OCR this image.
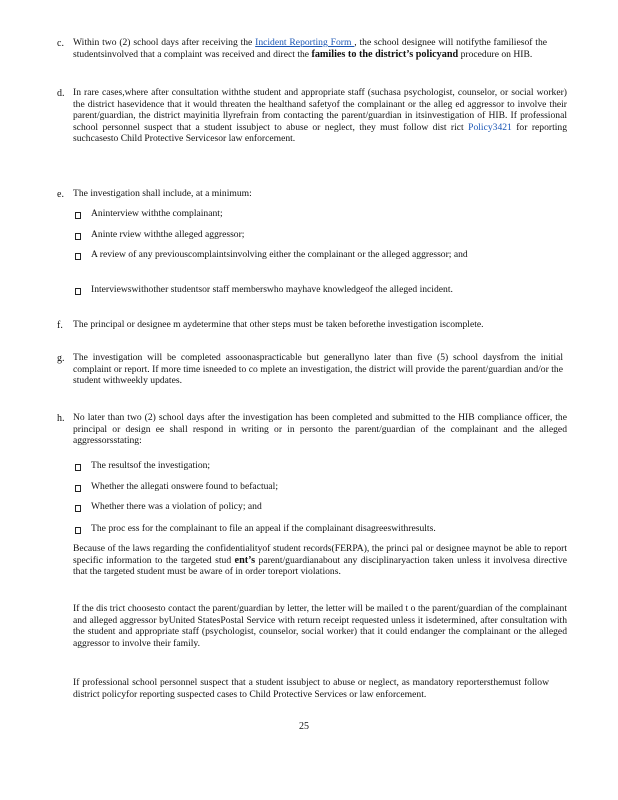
c. Within two (2) school days after receiving the Incident Reporting Form , the school designee will notifythe familiesof the studentsinvolved that a complaint was received and direct the families to the district’s policyand procedure on HIB.
d. In rare cases,where after consultation withthe student and appropriate staff (suchasa psychologist, counselor, or social worker) the district hasevidence that it would threaten the healthand safetyof the complainant or the alleg ed aggressor to involve their parent/guardian, the district mayinitia llyrefrain from contacting the parent/guardian in itsinvestigation of HIB. If professional school personnel suspect that a student issubject to abuse or neglect, they must follow dist rict Policy3421 for reporting suchcasesto Child Protective Servicesor law enforcement.
e. The investigation shall include, at a minimum:
Aninterview withthe complainant;
Aninte rview withthe alleged aggressor;
A review of any previouscomplaintsinvolving either the complainant or the alleged aggressor; and
Interviewswithother studentsor staff memberswho mayhave knowledgeof the alleged incident.
f. The principal or designee m aydetermine that other steps must be taken beforethe investigation iscomplete.
g. The investigation will be completed assoonaspracticable but generallyno later than five (5) school daysfrom the initial complaint or report. If more time isneeded to co mplete an investigation, the district will provide the parent/guardian and/or the student withweekly updates.
h. No later than two (2) school days after the investigation has been completed and submitted to the HIB compliance officer, the principal or design ee shall respond in writing or in personto the parent/guardian of the complainant and the alleged aggressorsstating:
The resultsof the investigation;
Whether the allegati onswere found to befactual;
Whether there was a violation of policy; and
The proc ess for the complainant to file an appeal if the complainant disagreeswithresults.
Because of the laws regarding the confidentialityof student records(FERPA), the princi pal or designee maynot be able to report specific information to the targeted stud ent’s parent/guardianabout any disciplinaryaction taken unless it involvesa directive that the targeted student must be aware of in order toreport violations.
If the dis trict choosesto contact the parent/guardian by letter, the letter will be mailed t o the parent/guardian of the complainant and alleged aggressor byUnited StatesPostal Service with return receipt requested unless it isdetermined, after consultation with the student and appropriate staff (psychologist, counselor, social worker) that it could endanger the complainant or the alleged aggressor to involve their family.
If professional school personnel suspect that a student issubject to abuse or neglect, as mandatory reportersthemust follow district policyfor reporting suspected cases to Child Protective Services or law enforcement.
25
